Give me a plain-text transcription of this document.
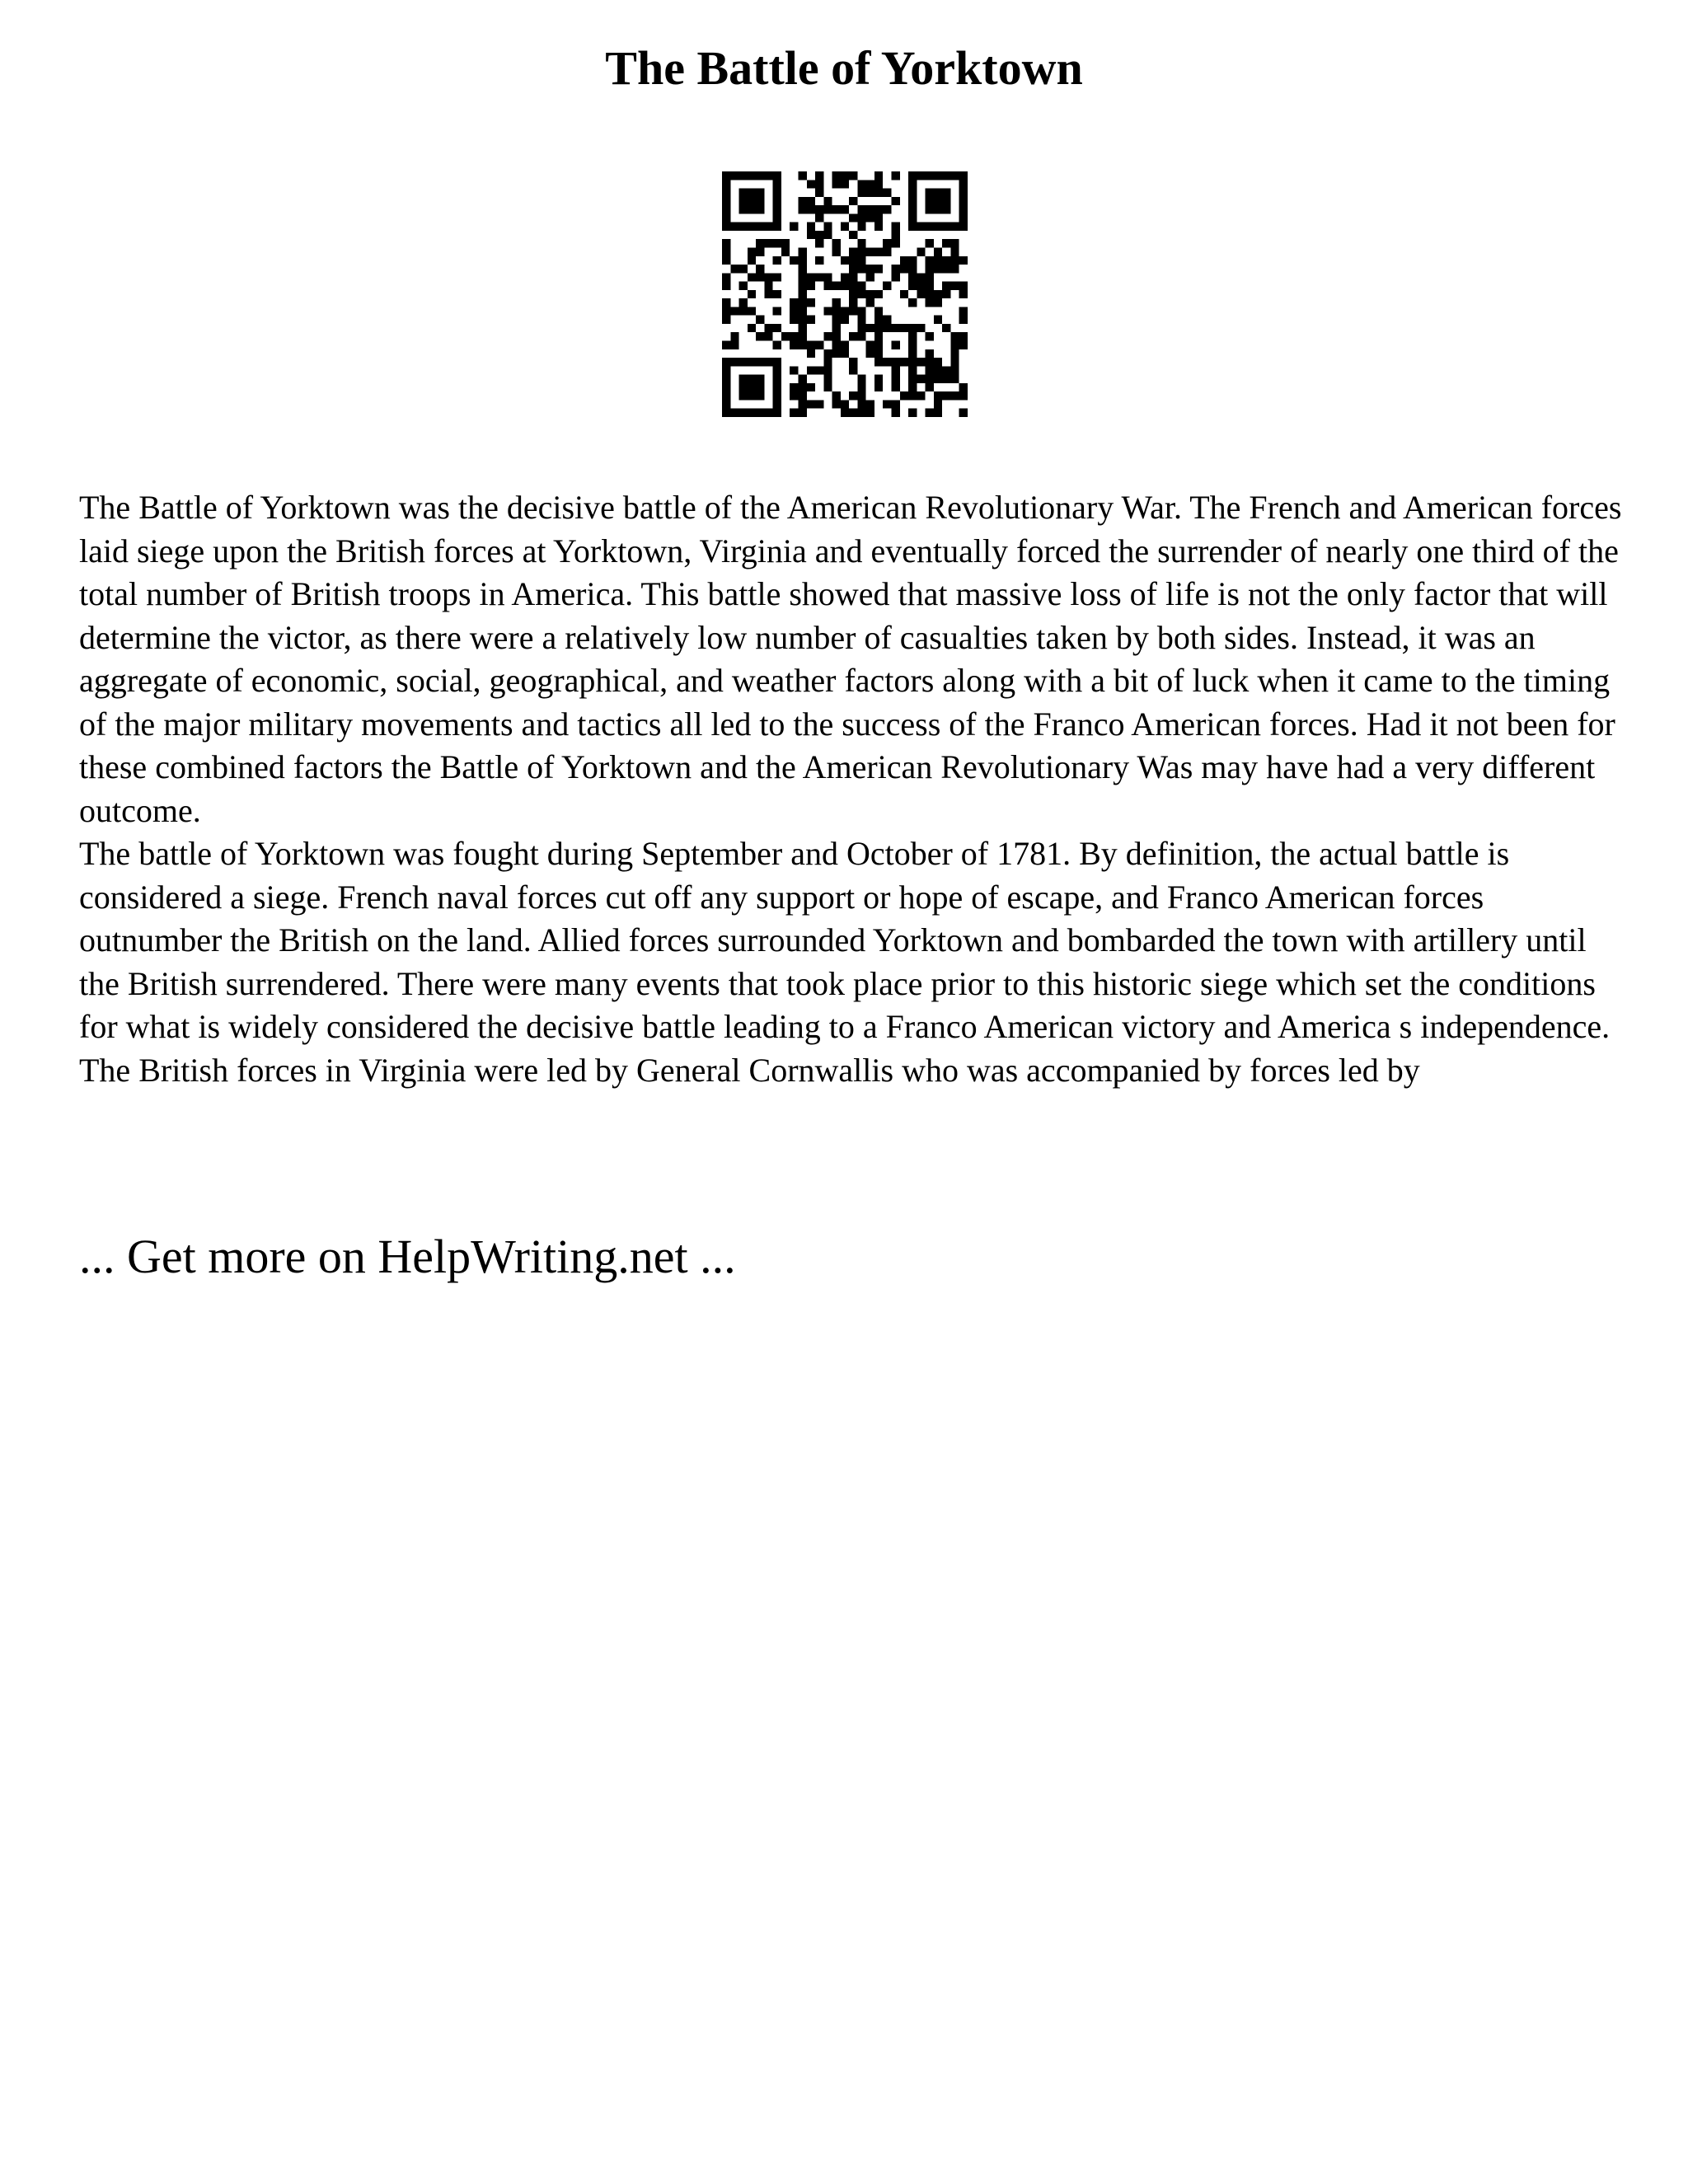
The Battle of Yorktown

The Battle of Yorktown was the decisive battle of the American Revolutionary War. The French and American forces laid siege upon the British forces at Yorktown, Virginia and eventually forced the surrender of nearly one third of the total number of British troops in America. This battle showed that massive loss of life is not the only factor that will determine the victor, as there were a relatively low number of casualties taken by both sides. Instead, it was an aggregate of economic, social, geographical, and weather factors along with a bit of luck when it came to the timing of the major military movements and tactics all led to the success of the Franco American forces. Had it not been for these combined factors the Battle of Yorktown and the American Revolutionary Was may have had a very different outcome.

The battle of Yorktown was fought during September and October of 1781. By definition, the actual battle is considered a siege. French naval forces cut off any support or hope of escape, and Franco American forces outnumber the British on the land. Allied forces surrounded Yorktown and bombarded the town with artillery until the British surrendered. There were many events that took place prior to this historic siege which set the conditions for what is widely considered the decisive battle leading to a Franco American victory and America s independence.

The British forces in Virginia were led by General Cornwallis who was accompanied by forces led by

... Get more on HelpWriting.net ...
